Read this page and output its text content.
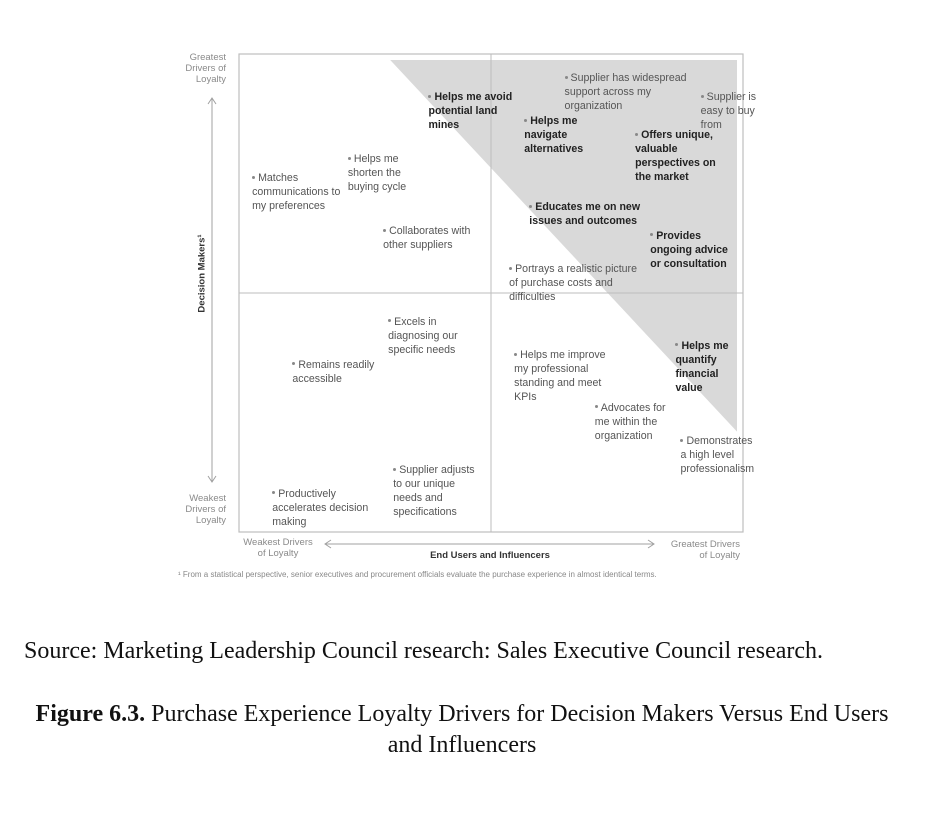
Helps me avoid
potential land
mines
Supplier has widespread
support across my
organization
Supplier is
easy to buy
from
Helps me
navigate
alternatives
Offers unique,
valuable
perspectives on
the market
Helps me
shorten the
buying cycle
Matches
communications to
my preferences	Educates me on new
issues and outcomes
Collaborates with
other suppliers
Provides
ongoing advice
or consultation
Portrays a realistic picture
of purchase costs and
difficulties
Excels in
diagnosing our
specific needs	Helps me
quantify
financial
value
Helps me improve
my professional
standing and meet
KPIs
Remains readily
accessible
Advocates for
me within the
organization	Demonstrates
a high level
professionalism
Supplier adjusts
to our unique
needs and
specifications
Productively
accelerates decision
making
Greatest
Drivers of
Loyalty
Weakest
Drivers of
Loyalty
Decision Makers¹
Weakest Drivers
of Loyalty
Greatest Drivers
of Loyalty
End Users and Influencers
¹ From a statistical perspective, senior executives and procurement officials evaluate the purchase experience in almost identical terms.
Source: Marketing Leadership Council research: Sales Executive Council research.
Figure 6.3. Purchase Experience Loyalty Drivers for Decision Makers Versus End Users and Influencers
